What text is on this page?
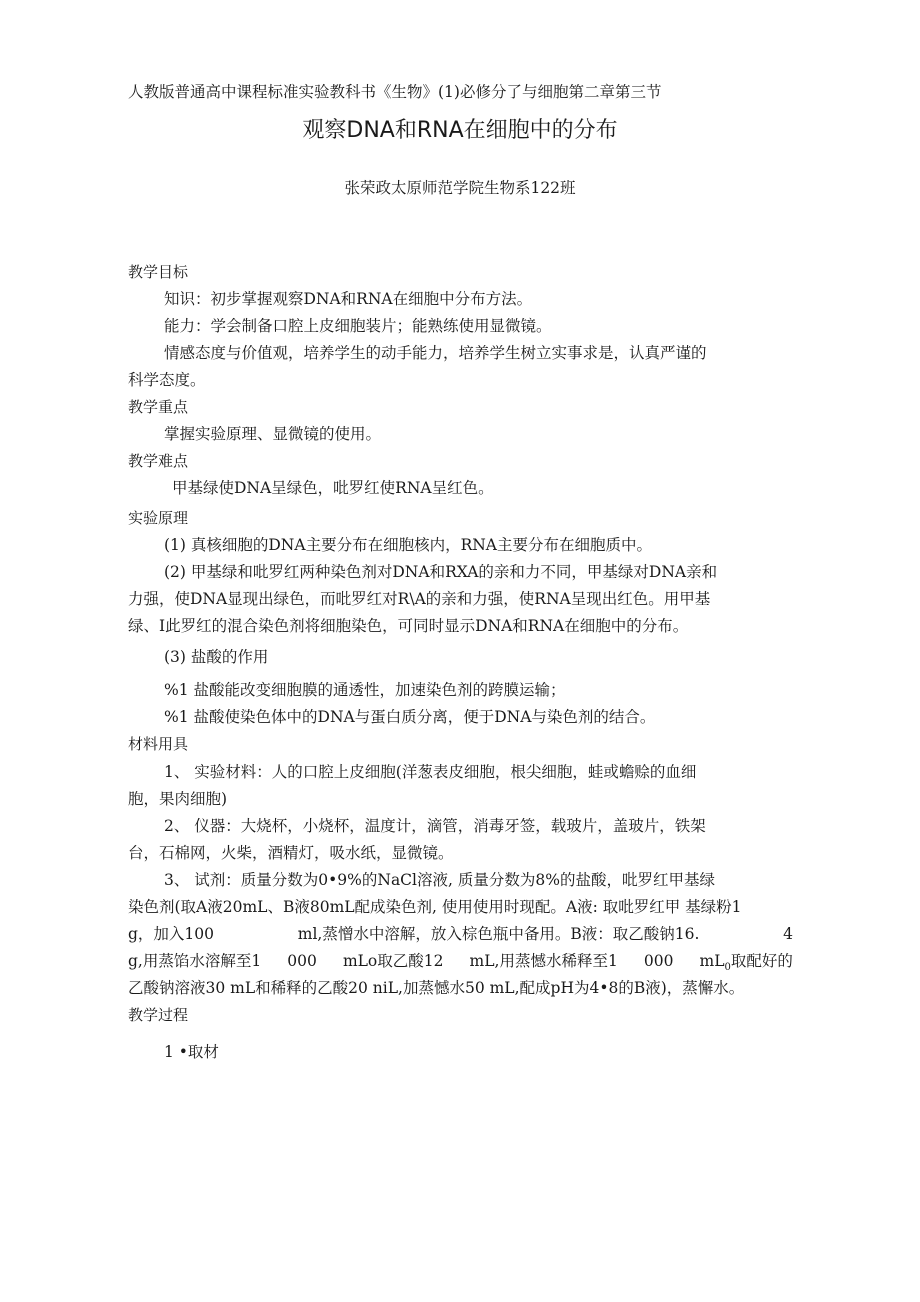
人教版普通高中课程标准实验教科书《生物》(1)必修分了与细胞第二章第三节
观察DNA和RNA在细胞中的分布
张荣政太原师范学院生物系122班
教学目标
知识：初步掌握观察DNA和RNA在细胞中分布方法。
能力：学会制备口腔上皮细胞装片；能熟练使用显微镜。
情感态度与价值观，培养学生的动手能力，培养学生树立实事求是，认真严谨的
科学态度。
教学重点
掌握实验原理、显微镜的使用。
教学难点
甲基绿使DNA呈绿色，吡罗红使RNA呈红色。
实验原理
(1) 真核细胞的DNA主要分布在细胞核内，RNA主要分布在细胞质中。
(2) 甲基绿和吡罗红两种染色剂对DNA和RXA的亲和力不同，甲基绿对DNA亲和
力强，使DNA显现出绿色，而吡罗红对R\A的亲和力强，使RNA呈现出红色。用甲基
绿、I此罗红的混合染色剂将细胞染色，可同时显示DNA和RNA在细胞中的分布。
(3) 盐酸的作用
%1 盐酸能改变细胞膜的通透性，加速染色剂的跨膜运输；
%1 盐酸使染色体中的DNA与蛋白质分离，便于DNA与染色剂的结合。
材料用具
1、 实验材料：人的口腔上皮细胞(洋葱表皮细胞，根尖细胞，蛙或蟾赊的血细
胞，果肉细胞)
2、 仪器：大烧杯，小烧杯，温度计，滴管，消毒牙签，载玻片，盖玻片，铁架
台，石棉网，火柴，酒精灯，吸水纸，显微镜。
3、 试剂：质量分数为0•9%的NaCl溶液, 质量分数为8%的盐酸，吡罗红甲基绿
染色剂(取A液20mL、B液80mL配成染色剂, 使用使用时现配。A液: 取吡罗红甲 基绿粉1
g，加入100	ml,蒸憎水中溶解，放入棕色瓶中备用。B液：取乙酸钠16.	4
g,用蒸馅水溶解至1 000 mLo取乙酸12 mL,用蒸憾水稀释至1 000 $mL_0$取配好的
乙酸钠溶液30 mL和稀释的乙酸20 niL,加蒸憾水50 mL,配成pH为4•8的B液)，蒸懈水。
教学过程
1 •取材
